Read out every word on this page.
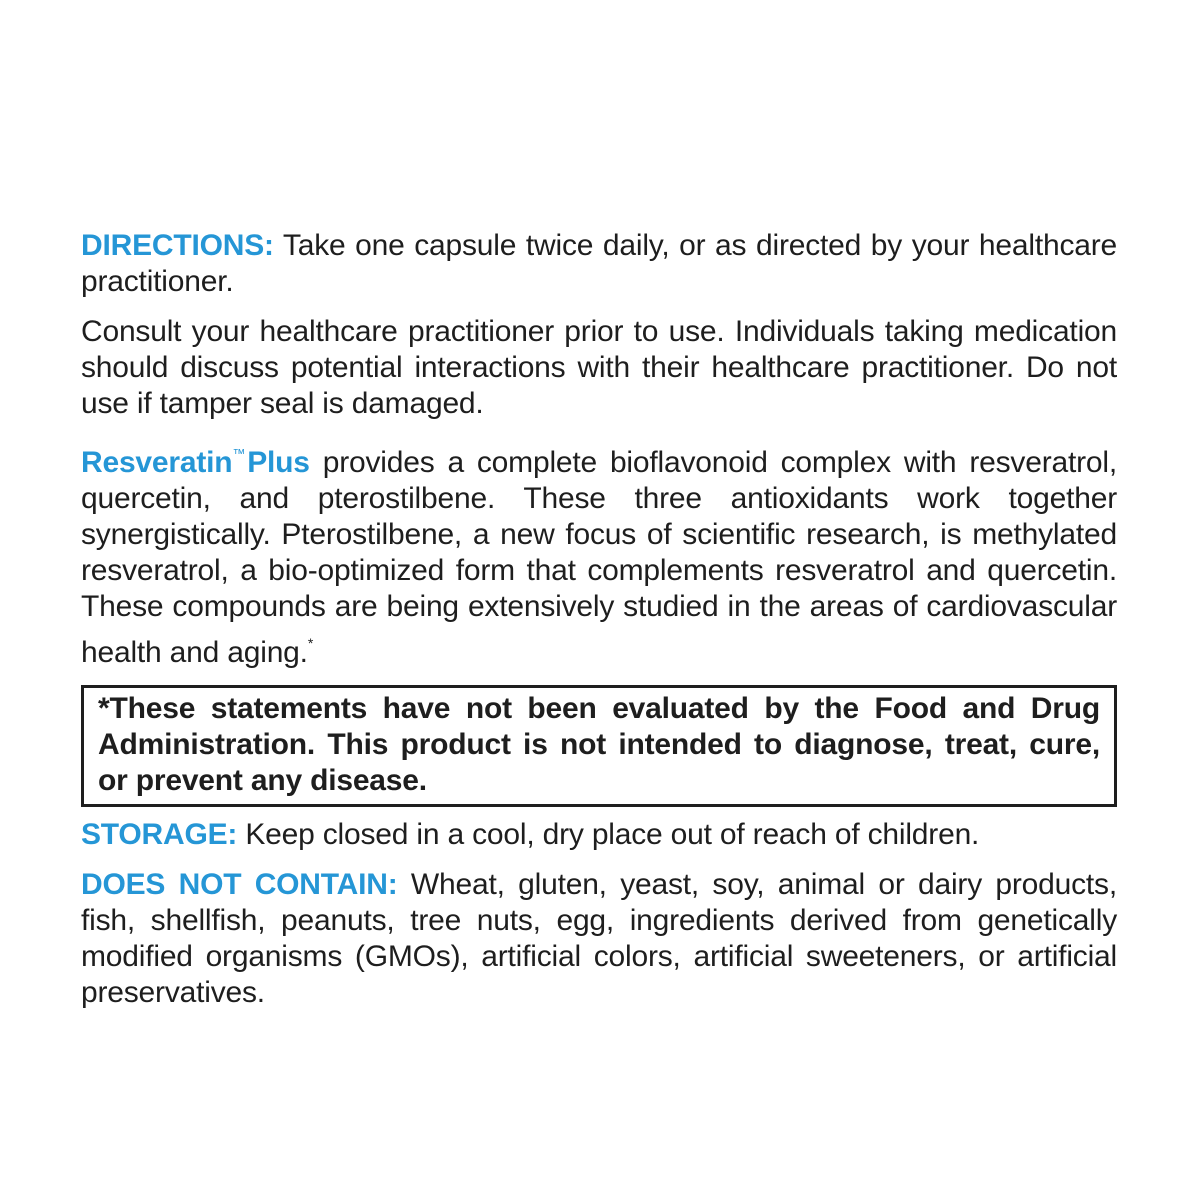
DIRECTIONS: Take one capsule twice daily, or as directed by your healthcare practitioner.

Consult your healthcare practitioner prior to use. Individuals taking medication should discuss potential interactions with their healthcare practitioner. Do not use if tamper seal is damaged.

Resveratin™Plus provides a complete bioflavonoid complex with resveratrol, quercetin, and pterostilbene. These three antioxidants work together synergistically. Pterostilbene, a new focus of scientific research, is methylated resveratrol, a bio-optimized form that complements resveratrol and quercetin. These compounds are being extensively studied in the areas of cardiovascular health and aging.*

*These statements have not been evaluated by the Food and Drug Administration. This product is not intended to diagnose, treat, cure, or prevent any disease.

STORAGE: Keep closed in a cool, dry place out of reach of children.

DOES NOT CONTAIN: Wheat, gluten, yeast, soy, animal or dairy products, fish, shellfish, peanuts, tree nuts, egg, ingredients derived from genetically modified organisms (GMOs), artificial colors, artificial sweeteners, or artificial preservatives.
